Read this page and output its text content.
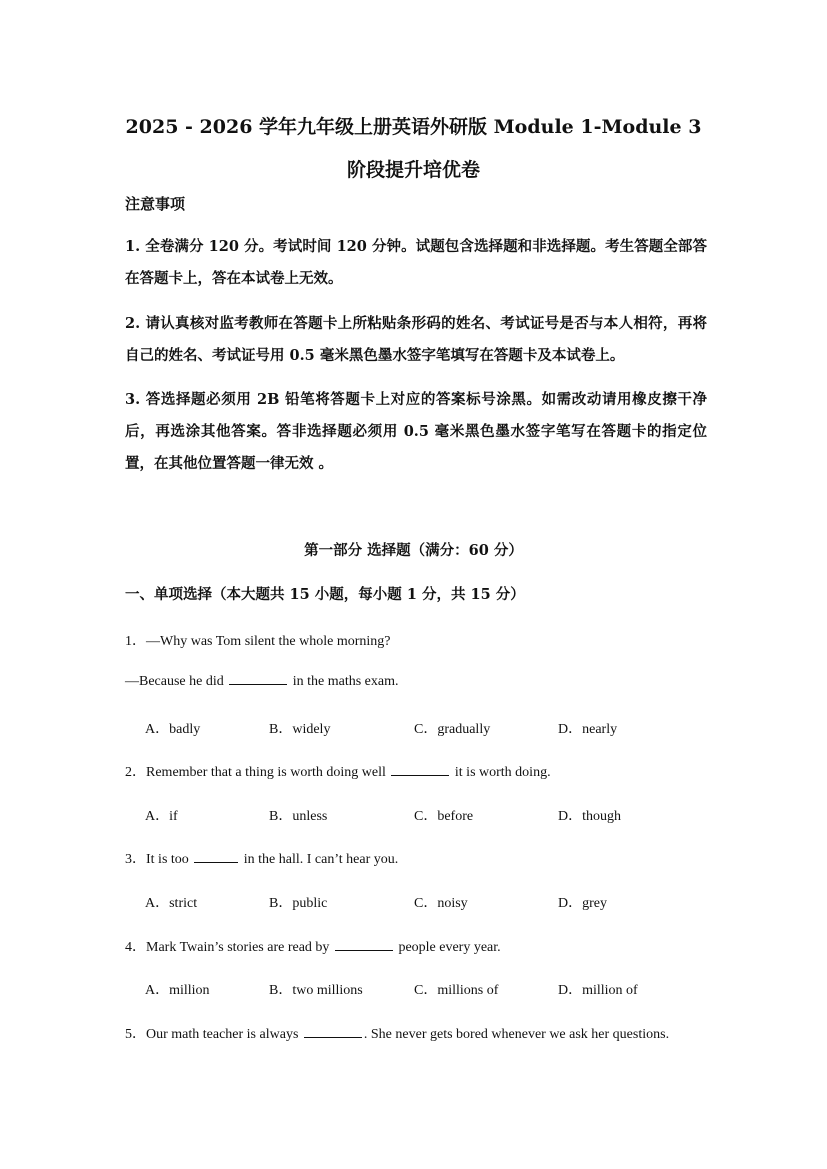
2025 - 2026 学年九年级上册英语外研版 Module 1-Module 3
阶段提升培优卷
注意事项
1. 全卷满分 120 分。考试时间 120 分钟。试题包含选择题和非选择题。考生答题全部答在答题卡上，答在本试卷上无效。
2. 请认真核对监考教师在答题卡上所粘贴条形码的姓名、考试证号是否与本人相符，再将自己的姓名、考试证号用 0.5 毫米黑色墨水签字笔填写在答题卡及本试卷上。
3. 答选择题必须用 2B 铅笔将答题卡上对应的答案标号涂黑。如需改动请用橡皮擦干净后，再选涂其他答案。答非选择题必须用 0.5 毫米黑色墨水签字笔写在答题卡的指定位置，在其他位置答题一律无效 。
第一部分 选择题（满分：60 分）
一、单项选择（本大题共 15 小题，每小题 1 分，共 15 分）
1．—Why was Tom silent the whole morning?
—Because he did	in the maths exam.
A．badly	B．widely	C．gradually	D．nearly
2．Remember that a thing is worth doing well	it is worth doing.
A．if	B．unless	C．before	D．though
3．It is too	in the hall. I can’t hear you.
A．strict	B．public	C．noisy	D．grey
4．Mark Twain’s stories are read by	people every year.
A．million	B．two millions	C．millions of	D．million of
5．Our math teacher is always	. She never gets bored whenever we ask her questions.
